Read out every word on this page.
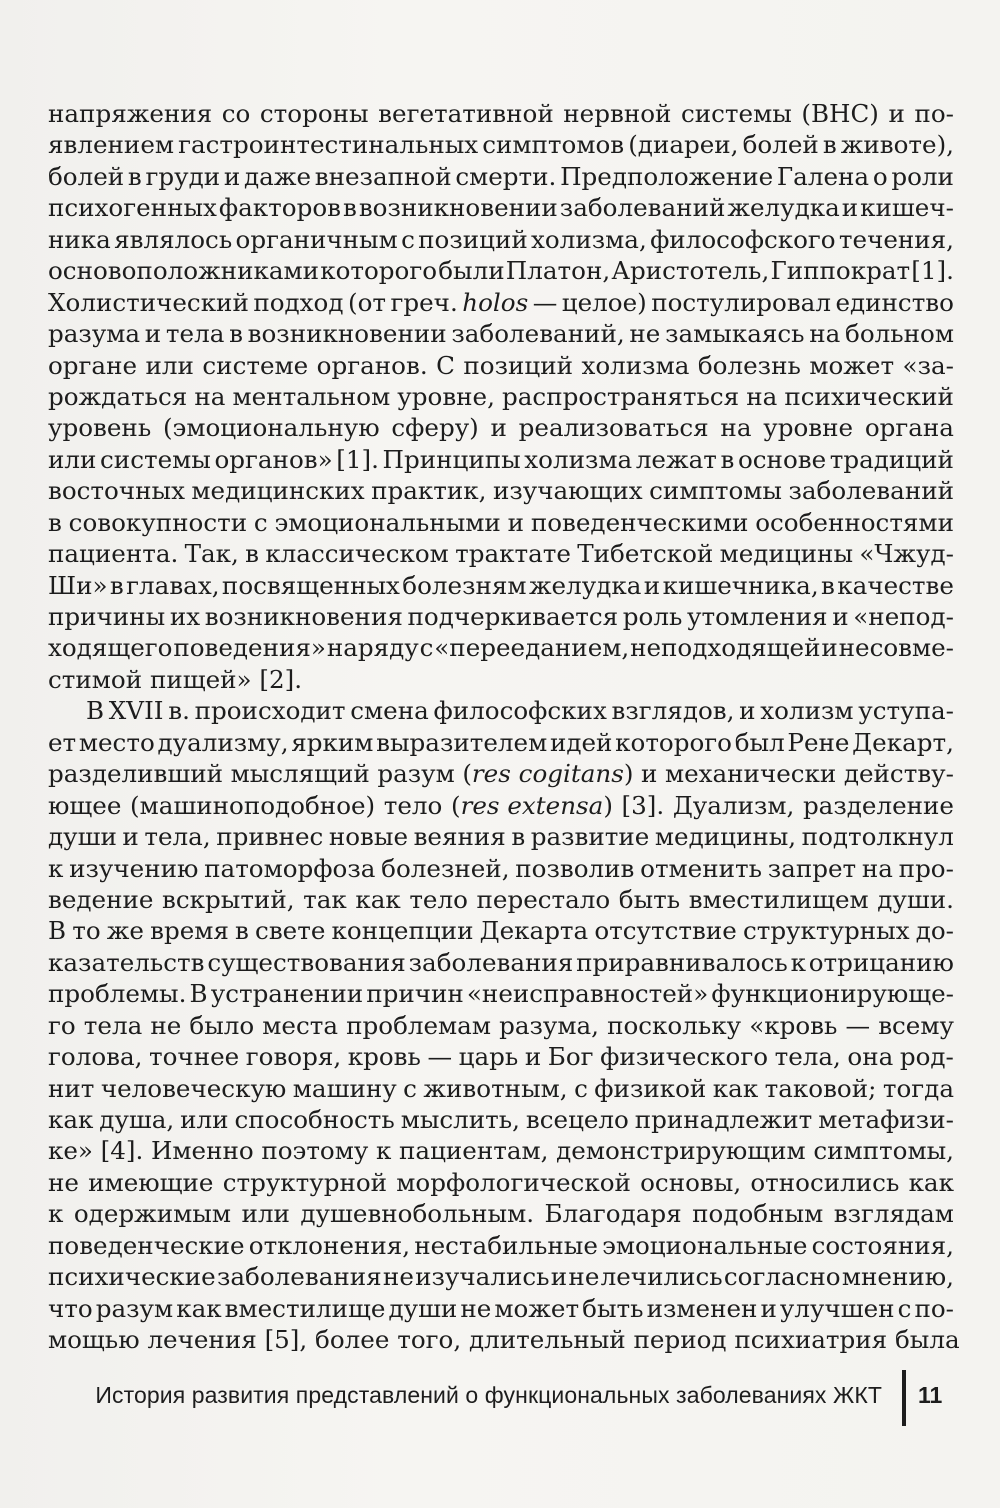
напряжения со стороны вегетативной нервной системы (ВНС) и по-
явлением гастроинтестинальных симптомов (диареи, болей в животе),
болей в груди и даже внезапной смерти. Предположение Галена о роли
психогенных факторов в возникновении заболеваний желудка и кишеч-
ника являлось органичным с позиций холизма, философского течения,
основоположниками которого были Платон, Аристотель, Гиппократ [1].
Холистический подход (от греч. holos — целое) постулировал единство
разума и тела в возникновении заболеваний, не замыкаясь на больном
органе или системе органов. С позиций холизма болезнь может «за-
рождаться на ментальном уровне, распространяться на психический
уровень (эмоциональную сферу) и реализоваться на уровне органа
или системы органов» [1]. Принципы холизма лежат в основе традиций
восточных медицинских практик, изучающих симптомы заболеваний
в совокупности с эмоциональными и поведенческими особенностями
пациента. Так, в классическом трактате Тибетской медицины «Чжуд-
Ши» в главах, посвященных болезням желудка и кишечника, в качестве
причины их возникновения подчеркивается роль утомления и «непод-
ходящего поведения» наряду с «перееданием, неподходящей и несовме-
стимой пищей» [2].
В XVII в. происходит смена философских взглядов, и холизм уступа-
ет место дуализму, ярким выразителем идей которого был Рене Декарт,
разделивший мыслящий разум (res cogitans) и механически действу-
ющее (машиноподобное) тело (res extensa) [3]. Дуализм, разделение
души и тела, привнес новые веяния в развитие медицины, подтолкнул
к изучению патоморфоза болезней, позволив отменить запрет на про-
ведение вскрытий, так как тело перестало быть вместилищем души.
В то же время в свете концепции Декарта отсутствие структурных до-
казательств существования заболевания приравнивалось к отрицанию
проблемы. В устранении причин «неисправностей» функционирующе-
го тела не было места проблемам разума, поскольку «кровь — всему
голова, точнее говоря, кровь — царь и Бог физического тела, она род-
нит человеческую машину с животным, с физикой как таковой; тогда
как душа, или способность мыслить, всецело принадлежит метафизи-
ке» [4]. Именно поэтому к пациентам, демонстрирующим симптомы,
не имеющие структурной морфологической основы, относились как
к одержимым или душевнобольным. Благодаря подобным взглядам
поведенческие отклонения, нестабильные эмоциональные состояния,
психические заболевания не изучались и не лечились согласно мнению,
что разум как вместилище души не может быть изменен и улучшен с по-
мощью лечения [5], более того, длительный период психиатрия была
История развития представлений о функциональных заболеваниях ЖКТ 11
